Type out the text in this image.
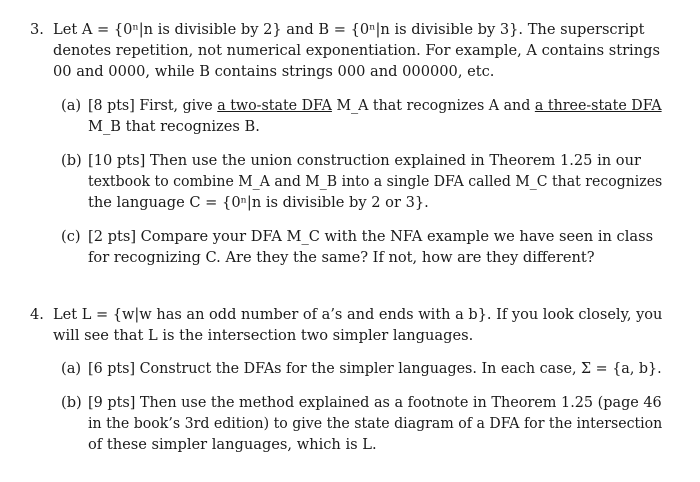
3. Let A = {0ⁿ|n is divisible by 2} and B = {0ⁿ|n is divisible by 3}. The superscript
denotes repetition, not numerical exponentiation. For example, A contains strings
00 and 0000, while B contains strings 000 and 000000, etc.
(a) [8 pts] First, give a two-state DFA M_A that recognizes A and a three-state DFA
M_B that recognizes B.
(b) [10 pts] Then use the union construction explained in Theorem 1.25 in our
textbook to combine M_A and M_B into a single DFA called M_C that recognizes
the language C = {0ⁿ|n is divisible by 2 or 3}.
(c) [2 pts] Compare your DFA M_C with the NFA example we have seen in class
for recognizing C. Are they the same? If not, how are they different?
4. Let L = {w|w has an odd number of a’s and ends with a b}. If you look closely, you
will see that L is the intersection two simpler languages.
(a) [6 pts] Construct the DFAs for the simpler languages. In each case, Σ = {a, b}.
(b) [9 pts] Then use the method explained as a footnote in Theorem 1.25 (page 46
in the book’s 3rd edition) to give the state diagram of a DFA for the intersection
of these simpler languages, which is L.
